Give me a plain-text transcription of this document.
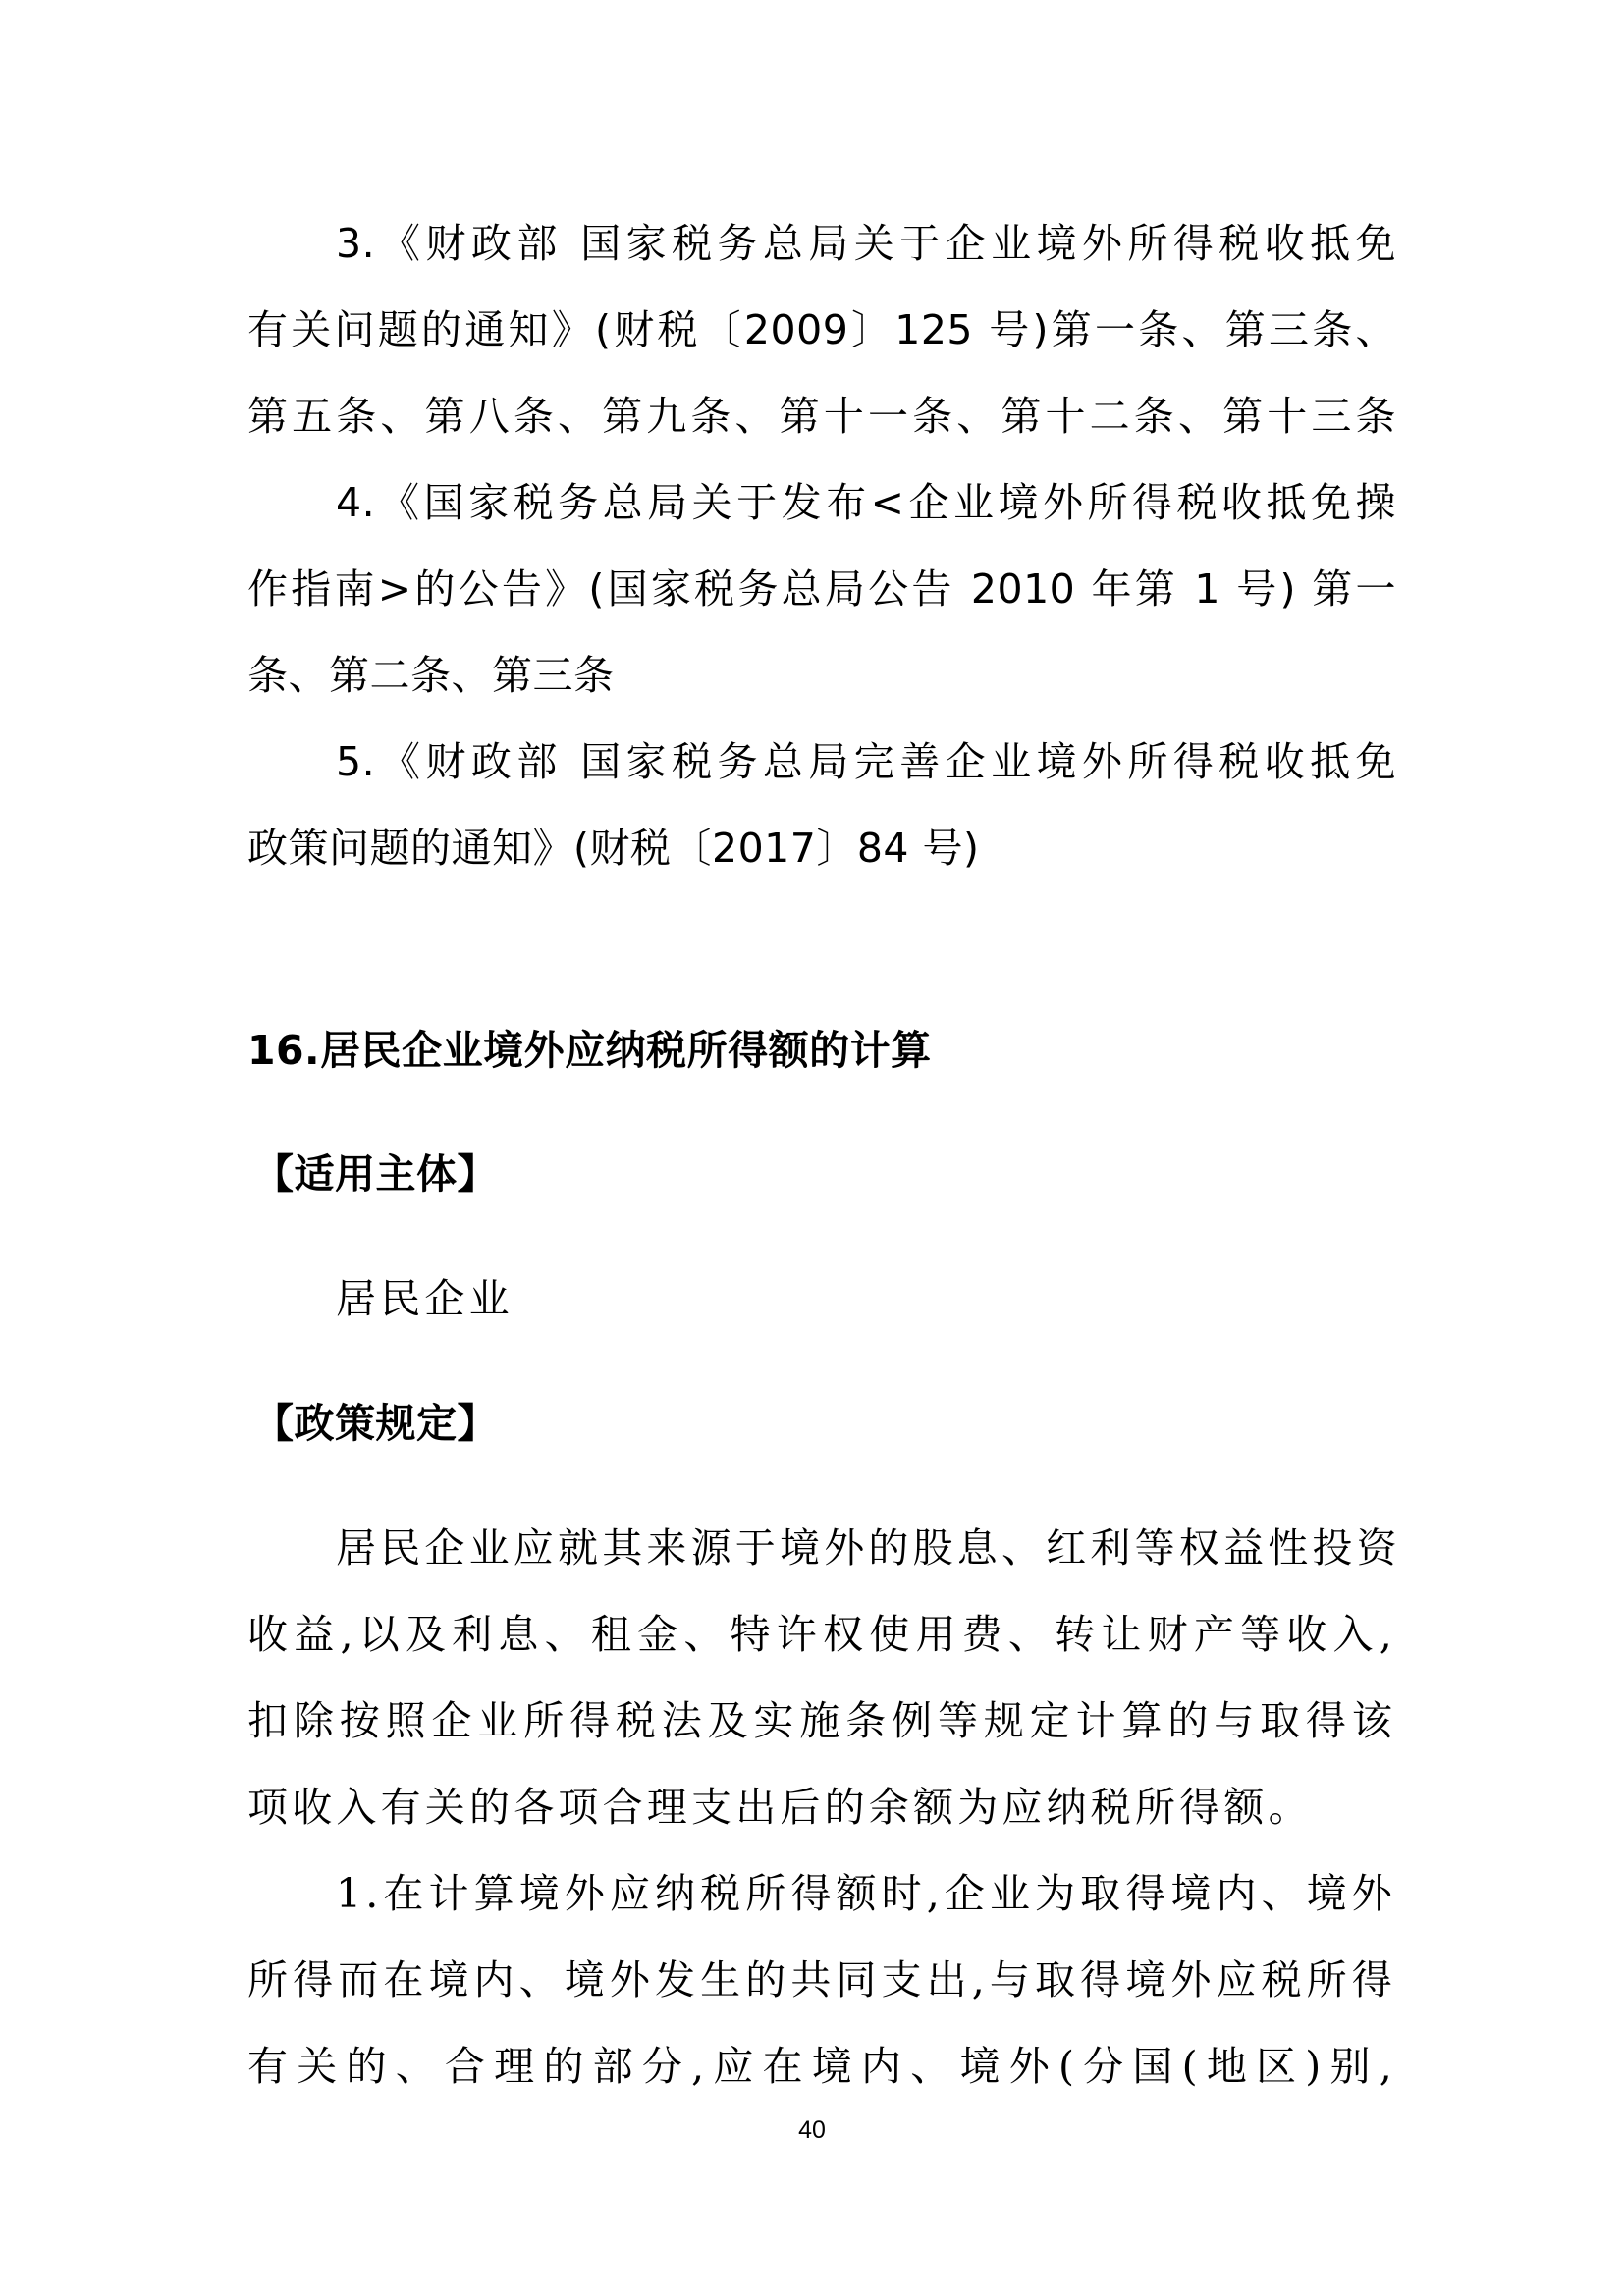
3.《财政部 国家税务总局关于企业境外所得税收抵免
有关问题的通知》(财税〔2009〕125 号)第一条、第三条、
第五条、第八条、第九条、第十一条、第十二条、第十三条
4.《国家税务总局关于发布<企业境外所得税收抵免操
作指南>的公告》(国家税务总局公告 2010 年第 1 号) 第一
条、第二条、第三条
5.《财政部 国家税务总局完善企业境外所得税收抵免
政策问题的通知》(财税〔2017〕84 号)
16.居民企业境外应纳税所得额的计算
【适用主体】
居民企业
【政策规定】
居民企业应就其来源于境外的股息、红利等权益性投资
收益,以及利息、租金、特许权使用费、转让财产等收入,
扣除按照企业所得税法及实施条例等规定计算的与取得该
项收入有关的各项合理支出后的余额为应纳税所得额。
1.在计算境外应纳税所得额时,企业为取得境内、境外
所得而在境内、境外发生的共同支出,与取得境外应税所得
有关的、合理的部分,应在境内、境外(分国(地区)别,
40
